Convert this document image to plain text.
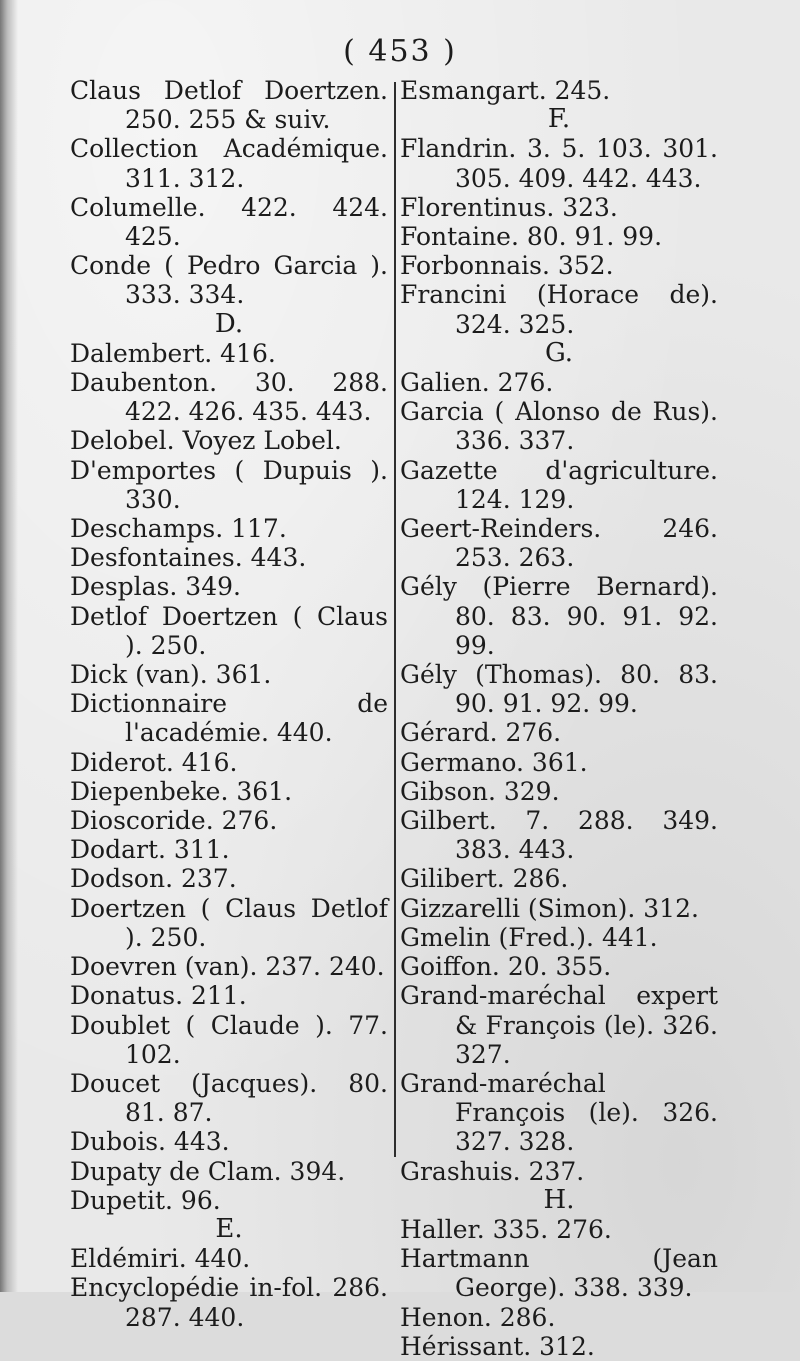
( 453 )
Claus Detlof Doertzen. 250. 255 & suiv.
Collection Académique. 311. 312.
Columelle. 422. 424. 425.
Conde ( Pedro Garcia ). 333. 334.
D.
Dalembert. 416.
Daubenton. 30. 288. 422. 426. 435. 443.
Delobel. Voyez Lobel.
D'emportes ( Dupuis ). 330.
Deschamps. 117.
Desfontaines. 443.
Desplas. 349.
Detlof Doertzen ( Claus ). 250.
Dick (van). 361.
Dictionnaire de l'académie. 440.
Diderot. 416.
Diepenbeke. 361.
Dioscoride. 276.
Dodart. 311.
Dodson. 237.
Doertzen ( Claus Detlof ). 250.
Doevren (van). 237. 240.
Donatus. 211.
Doublet ( Claude ). 77. 102.
Doucet (Jacques). 80. 81. 87.
Dubois. 443.
Dupaty de Clam. 394.
Dupetit. 96.
E.
Eldémiri. 440.
Encyclopédie in-fol. 286. 287. 440.
Esmangart. 245.
F.
Flandrin. 3. 5. 103. 301. 305. 409. 442. 443.
Florentinus. 323.
Fontaine. 80. 91. 99.
Forbonnais. 352.
Francini (Horace de). 324. 325.
G.
Galien. 276.
Garcia ( Alonso de Rus). 336. 337.
Gazette d'agriculture. 124. 129.
Geert-Reinders. 246. 253. 263.
Gély (Pierre Bernard). 80. 83. 90. 91. 92. 99.
Gély (Thomas). 80. 83. 90. 91. 92. 99.
Gérard. 276.
Germano. 361.
Gibson. 329.
Gilbert. 7. 288. 349. 383. 443.
Gilibert. 286.
Gizzarelli (Simon). 312.
Gmelin (Fred.). 441.
Goiffon. 20. 355.
Grand-maréchal expert & François (le). 326. 327.
Grand-maréchal François (le). 326. 327. 328.
Grashuis. 237.
H.
Haller. 335. 276.
Hartmann (Jean George). 338. 339.
Henon. 286.
Hérissant. 312.
